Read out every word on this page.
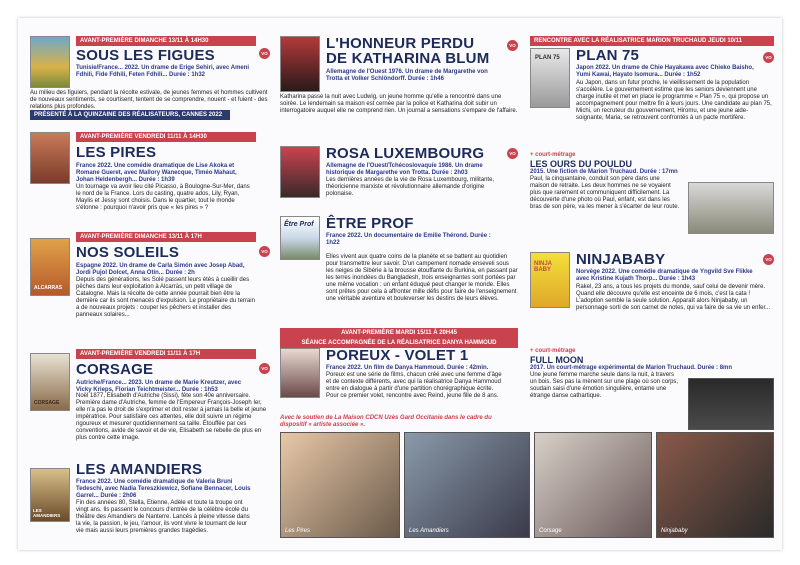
VO
AVANT-PREMIÈRE DIMANCHE 13/11 À 14H30
SOUS LES FIGUES
Tunisie/France... 2022. Un drame de Erige Sehiri, avec Ameni Fdhili, Fide Fdhili, Feten Fdhili... Durée : 1h32
Au milieu des figuiers, pendant la récolte estivale, de jeunes femmes et hommes cultivent de nouveaux sentiments, se courtisent, tentent de se comprendre, nouent - et fuient - des relations plus profondes.
PRÉSENTÉ À LA QUINZAINE DES RÉALISATEURS, CANNES 2022
AVANT-PREMIÈRE VENDREDI 11/11 À 14H30
LES PIRES
France 2022. Une comédie dramatique de Lise Akoka et Romane Gueret, avec Mallory Wanecque, Timéo Mahaut, Johan Heldenbergh... Durée : 1h39
Un tournage va avoir lieu cité Picasso, à Boulogne-Sur-Mer, dans le nord de la France. Lors du casting, quatre ados, Lily, Ryan, Maylis et Jessy sont choisis. Dans le quartier, tout le monde s'étonne : pourquoi n'avoir pris que « les pires » ?
ALCARRAS
VO
AVANT-PREMIÈRE DIMANCHE 13/11 À 17H
NOS SOLEILS
Espagne 2022. Un drame de Carla Simón avec Josep Abad, Jordi Pujol Dolcet, Anna Otin... Durée : 2h
Depuis des générations, les Solé passent leurs étés à cueillir des pêches dans leur exploitation à Alcarràs, un petit village de Catalogne. Mais la récolte de cette année pourrait bien être la dernière car ils sont menacés d'expulsion. Le propriétaire du terrain a de nouveaux projets : couper les pêchers et installer des panneaux solaires...
CORSAGE
VO
AVANT-PREMIÈRE VENDREDI 11/11 À 17H
CORSAGE
Autriche/France... 2023. Un drame de Marie Kreutzer, avec Vicky Krieps, Florian Teichtmeister... Durée : 1h53
Noël 1877, Elisabeth d'Autriche (Sissi), fête son 40e anniversaire. Première dame d'Autriche, femme de l'Empereur François-Joseph Ier, elle n'a pas le droit de s'exprimer et doit rester à jamais la belle et jeune impératrice. Pour satisfaire ces attentes, elle doit suivre un régime rigoureux et mesurer quotidiennement sa taille. Étouffée par ces conventions, avide de savoir et de vie, Elisabeth se rebelle de plus en plus contre cette image.
LES AMANDIERS
LES AMANDIERS
France 2022. Une comédie dramatique de Valeria Bruni Tedeschi, avec Nadia Tereszkiewicz, Sofiane Bennacer, Louis Garrel... Durée : 2h06
Fin des années 80, Stella, Etienne, Adèle et toute la troupe ont vingt ans. Ils passent le concours d'entrée de la célèbre école du théâtre des Amandiers de Nanterre. Lancés à pleine vitesse dans la vie, la passion, le jeu, l'amour, ils vont vivre le tournant de leur vie mais aussi leurs premières grandes tragédies.
VO
L'HONNEUR PERDU
DE KATHARINA BLUM
Allemagne de l'Ouest 1976. Un drame de Margarethe von Trotta et Volker Schlöndorff. Durée : 1h46
Katharina passe la nuit avec Ludwig, un jeune homme qu'elle a rencontré dans une soirée. Le lendemain sa maison est cernée par la police et Katharina doit subir un interrogatoire auquel elle ne comprend rien. Un journal a sensations s'empare de l'affaire.
VO
ROSA LUXEMBOURG
Allemagne de l'Ouest/Tchécoslovaquie 1986. Un drame historique de Margarethe von Trotta. Durée : 2h03
Les dernières années de la vie de Rosa Luxembourg, militante, théoricienne marxiste et révolutionnaire allemande d'origine polonaise.
Être Prof ÊTRE PROF
France 2022. Un documentaire de Emilie Thérond. Durée : 1h22
Elles vivent aux quatre coins de la planète et se battent au quotidien pour transmettre leur savoir. D'un campement nomade enseveli sous les neiges de Sibérie à la brousse étouffante du Burkina, en passant par les terres inondées du Bangladesh, trois enseignantes sont portées par une même vocation : un enfant éduqué peut changer le monde. Elles sont prêtes pour cela à affronter mille défis pour faire de l'enseignement une véritable aventure et bouleverser les destins de leurs élèves.
AVANT-PREMIÈRE MARDI 15/11 À 20H45
SÉANCE ACCOMPAGNÉE DE LA RÉALISATRICE DANYA HAMMOUD
POREUX - VOLET 1
France 2022. Un film de Danya Hammoud. Durée : 42min.
Poreux est une série de films, chacun créé avec une femme d'âge et de contexte différents, avec qui la réalisatrice Danya Hammoud entre en dialogue à partir d'une partition chorégraphique écrite. Pour ce premier volet, rencontre avec Reind, jeune fille de 8 ans.
Avec le soutien de La Maison CDCN Uzès Gard Occitanie dans le cadre du dispositif « artiste associée ».
RENCONTRE AVEC LA RÉALISATRICE MARION TRUCHAUD JEUDI 10/11
PLAN 75	VO
PLAN 75
Japon 2022. Un drame de Chie Hayakawa avec Chieko Baisho, Yumi Kawai, Hayato Isomura... Durée : 1h52
Au Japon, dans un futur proche, le vieillissement de la population s'accélère. Le gouvernement estime que les seniors deviennent une charge inutile et met en place le programme « Plan 75 », qui propose un accompagnement pour mettre fin à leurs jours. Une candidate au plan 75, Michi, un recruteur du gouvernement, Hiromu, et une jeune aide-soignante, Maria, se retrouvent confrontés à un pacte mortifère.
+ court-métrage
LES OURS DU POULDU
2015. Une fiction de Marion Truchaud. Durée : 17mn
Paul, la cinquantaine, conduit son père dans une maison de retraite. Les deux hommes ne se voyaient plus que rarement et communiquent difficilement. La découverte d'une photo où Paul, enfant, est dans les bras de son père, va les mener à s'écarter de leur route.
NINJA BABY
VO
NINJABABY
Norvège 2022. Une comédie dramatique de Yngvild Sve Flikke avec Kristine Kujath Thorp... Durée : 1h43
Rakel, 23 ans, a tous les projets du monde, sauf celui de devenir mère. Quand elle découvre qu'elle est enceinte de 6 mois, c'est la cata ! L'adoption semble la seule solution. Apparaît alors Ninjababy, un personnage sorti de son carnet de notes, qui va faire de sa vie un enfer...
+ court-métrage
FULL MOON
2017. Un court-métrage expérimental de Marion Truchaud. Durée : 8mn
Une jeune femme marche seule dans la nuit, à travers un bois. Ses pas la mènent sur une plage où son corps, soudain saisi d'une émotion singulière, entame une étrange danse cathartique.
Les Pires	Les Amandiers	Corsage	Ninjababy
